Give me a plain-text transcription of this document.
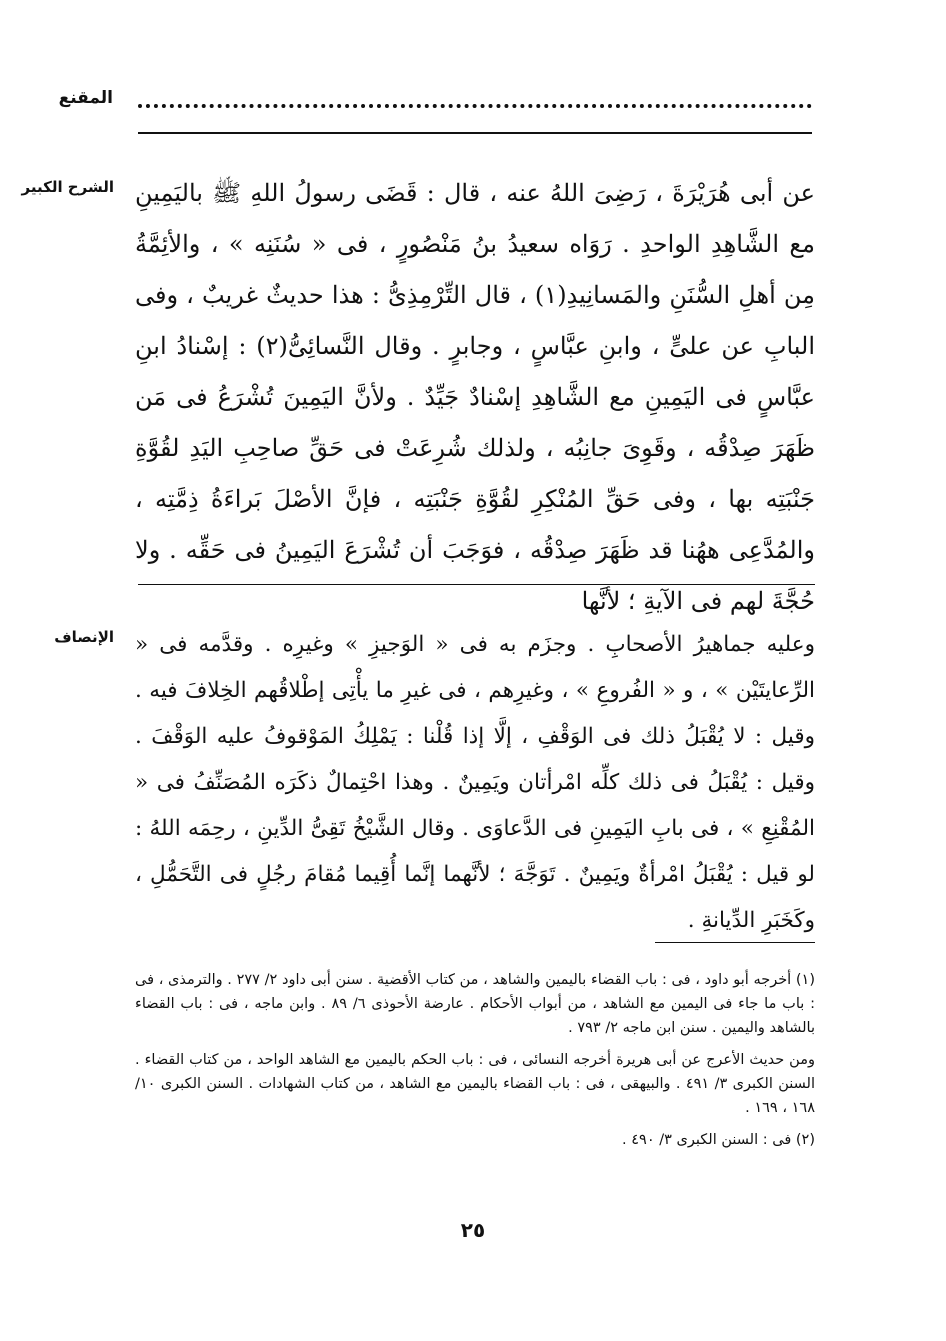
المقنع
الشرح الكبير عن أبى هُرَيْرَةَ ، رَضِىَ اللهُ عنه ، قال : قَضَى رسولُ اللهِ ﷺ باليَمِينِ مع الشَّاهِدِ الواحدِ . رَوَاه سعيدُ بنُ مَنْصُورٍ ، فى « سُنَنِه » ، والأئِمَّةُ مِن أهلِ السُّنَنِ والمَسانِيدِ(١) ، قال التِّرْمِذِىُّ : هذا حديثٌ غريبٌ ، وفى البابِ عن علىٍّ ، وابنِ عبَّاسٍ ، وجابرٍ . وقال النَّسائِىُّ(٢) : إسْنادُ ابنِ عبَّاسٍ فى اليَمِينِ مع الشَّاهِدِ إسْنادٌ جَيِّدٌ . ولأنَّ اليَمِينَ تُشْرَعُ فى مَن ظَهَرَ صِدْقُه ، وقَوِىَ جانِبُه ، ولذلك شُرِعَتْ فى حَقِّ صاحِبِ اليَدِ لقُوَّةِ جَنْبَتِه بها ، وفى حَقِّ المُنْكِرِ لقُوَّةِ جَنْبَتِه ، فإنَّ الأصْلَ بَراءَةُ ذِمَّتِه ، والمُدَّعِى ههُنا قد ظَهَرَ صِدْقُه ، فوَجَبَ أن تُشْرَعَ اليَمِينُ فى حَقِّه . ولا حُجَّةَ لهم فى الآيةِ ؛ لأنَّها
الإنصاف وعليه جماهيرُ الأصحابِ . وجزَم به فى « الوَجيزِ » وغيرِه . وقدَّمه فى « الرِّعايتَيْن » ، و « الفُروعِ » ، وغيرِهم ، فى غيرِ ما يأْتِى إطْلاقُهم الخِلافَ فيه . وقيل : لا يُقْبَلُ ذلك فى الوَقْفِ ، إلَّا إذا قُلْنا : يَمْلِكُ المَوْقوفُ عليه الوَقْفَ . وقيل : يُقْبَلُ فى ذلك كلِّه امْرأتان ويَمِينٌ . وهذا احْتِمالٌ ذكَرَه المُصَنِّفُ فى « المُقْنِعِ » ، فى بابِ اليَمِينِ فى الدَّعاوَى . وقال الشَّيْخُ تَقِىُّ الدِّينِ ، رحِمَه اللهُ : لو قيل : يُقْبَلُ امْرأةٌ ويَمِينٌ . تَوَجَّهَ ؛ لأنَّهما إنَّما أُقِيما مُقامَ رجُلٍ فى التَّحَمُّلِ ، وكَخَبَرِ الدِّيانةِ .

(١) أخرجه أبو داود ، فى : باب القضاء باليمين والشاهد ، من كتاب الأقضية . سنن أبى داود ٢/ ٢٧٧ . والترمذى ، فى : باب ما جاء فى اليمين مع الشاهد ، من أبواب الأحكام . عارضة الأحوذى ٦/ ٨٩ . وابن ماجه ، فى : باب القضاء بالشاهد واليمين . سنن ابن ماجه ٢/ ٧٩٣ .

ومن حديث الأعرج عن أبى هريرة أخرجه النسائى ، فى : باب الحكم باليمين مع الشاهد الواحد ، من كتاب القضاء . السنن الكبرى ٣/ ٤٩١ . والبيهقى ، فى : باب القضاء باليمين مع الشاهد ، من كتاب الشهادات . السنن الكبرى ١٠/ ١٦٨ ، ١٦٩ .

(٢) فى : السنن الكبرى ٣/ ٤٩٠ .

٢٥
